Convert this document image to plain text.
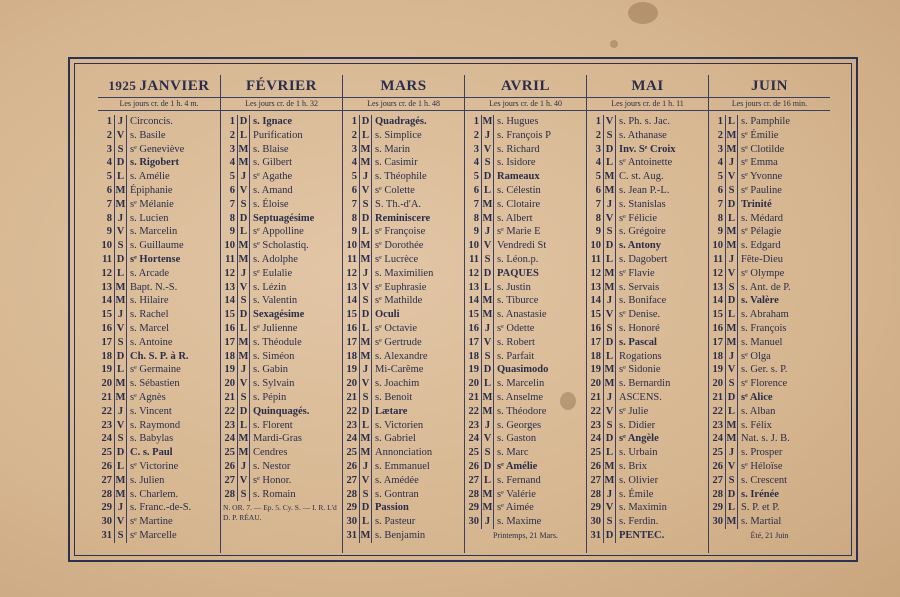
1925 JANVIER
Les jours cr. de 1 h. 4 m.
1 J Circoncis.
2 V s. Basile
3 S sᵉ Geneviève
4 D s. Rigobert
5 L s. Amélie
6 M Épiphanie
7 M sᵉ Mélanie
8 J s. Lucien
9 V s. Marcelin
10 S s. Guillaume
11 D sᵉ Hortense
12 L s. Arcade
13 M Bapt. N.-S.
14 M s. Hilaire
15 J s. Rachel
16 V s. Marcel
17 S s. Antoine
18 D Ch. S. P. à R.
19 L sᵉ Germaine
20 M s. Sébastien
21 M sᵉ Agnès
22 J s. Vincent
23 V s. Raymond
24 S s. Babylas
25 D C. s. Paul
26 L sᵉ Victorine
27 M s. Julien
28 M s. Charlem.
29 J s. Franc.-de-S.
30 V sᵉ Martine
31 S sᵉ Marcelle
FÉVRIER
Les jours cr. de 1 h. 32
1 D s. Ignace
2 L Purification
3 M s. Blaise
4 M s. Gilbert
5 J sᵉ Agathe
6 V s. Amand
7 S s. Éloise
8 D Septuagésime
9 L sᵉ Appolline
10 M sᵉ Scholastiq.
11 M s. Adolphe
12 J sᵉ Eulalie
13 V s. Lézin
14 S s. Valentin
15 D Sexagésime
16 L sᵉ Julienne
17 M s. Théodule
18 M s. Siméon
19 J s. Gabin
20 V s. Sylvain
21 S s. Pépin
22 D Quinquagés.
23 L s. Florent
24 M Mardi-Gras
25 M Cendres
26 J s. Nestor
27 V sᵉ Honor.
28 S s. Romain
N. OR. 7. — Ep. 5. Cy. S. — I. R. L'd D. P. RÉAU.
MARS
Les jours cr. de 1 h. 48
1 D Quadragés.
2 L s. Simplice
3 M s. Marin
4 M s. Casimir
5 J s. Théophile
6 V sᵉ Colette
7 S S. Th.-d'A.
8 D Reminiscere
9 L sᵉ Françoise
10 M sᵉ Dorothée
11 M sᵉ Lucrèce
12 J s. Maximilien
13 V sᵉ Euphrasie
14 S sᵉ Mathilde
15 D Oculi
16 L sᵉ Octavie
17 M sᵉ Gertrude
18 M s. Alexandre
19 J Mi-Carême
20 V s. Joachim
21 S s. Benoit
22 D Lætare
23 L s. Victorien
24 M s. Gabriel
25 M Annonciation
26 J s. Emmanuel
27 V s. Amédée
28 S s. Gontran
29 D Passion
30 L s. Pasteur
31 M s. Benjamin
AVRIL
Les jours cr. de 1 h. 40
1 M s. Hugues
2 J s. François P
3 V s. Richard
4 S s. Isidore
5 D Rameaux
6 L s. Célestin
7 M s. Clotaire
8 M s. Albert
9 J sᵉ Marie E
10 V Vendredi St
11 S s. Léon.p.
12 D PAQUES
13 L s. Justin
14 M s. Tiburce
15 M s. Anastasie
16 J sᵉ Odette
17 V s. Robert
18 S s. Parfait
19 D Quasimodo
20 L s. Marcelin
21 M s. Anselme
22 M s. Théodore
23 J s. Georges
24 V s. Gaston
25 S s. Marc
26 D sᵉ Amélie
27 L s. Fernand
28 M sᵉ Valérie
29 M sᵉ Aimée
30 J s. Maxime
Printemps, 21 Mars.
MAI
Les jours cr. de 1 h. 11
1 V s. Ph. s. Jac.
2 S s. Athanase
3 D Inv. Sᵉ Croix
4 L sᵉ Antoinette
5 M C. st. Aug.
6 M s. Jean P.-L.
7 J s. Stanislas
8 V sᵉ Félicie
9 S s. Grégoire
10 D s. Antony
11 L s. Dagobert
12 M sᵉ Flavie
13 M s. Servais
14 J s. Boniface
15 V sᵉ Denise.
16 S s. Honoré
17 D s. Pascal
18 L Rogations
19 M sᵉ Sidonie
20 M s. Bernardin
21 J ASCENS.
22 V sᵉ Julie
23 S s. Didier
24 D sᵉ Angèle
25 L s. Urbain
26 M s. Brix
27 M s. Olivier
28 J s. Émile
29 V s. Maximin
30 S s. Ferdin.
31 D PENTEC.
JUIN
Les jours cr. de 16 min.
1 L s. Pamphile
2 M sᵉ Émilie
3 M sᵉ Clotilde
4 J sᵉ Emma
5 V sᵉ Yvonne
6 S sᵉ Pauline
7 D Trinité
8 L s. Médard
9 M sᵉ Pélagie
10 M s. Edgard
11 J Fête-Dieu
12 V sᵉ Olympe
13 S s. Ant. de P.
14 D s. Valère
15 L s. Abraham
16 M s. François
17 M s. Manuel
18 J sᵉ Olga
19 V s. Ger. s. P.
20 S sᵉ Florence
21 D sᵉ Alice
22 L s. Alban
23 M s. Félix
24 M Nat. s. J. B.
25 J s. Prosper
26 V sᵉ Héloïse
27 S s. Crescent
28 D s. Irénée
29 L S. P. et P.
30 M s. Martial
Été, 21 Juin
